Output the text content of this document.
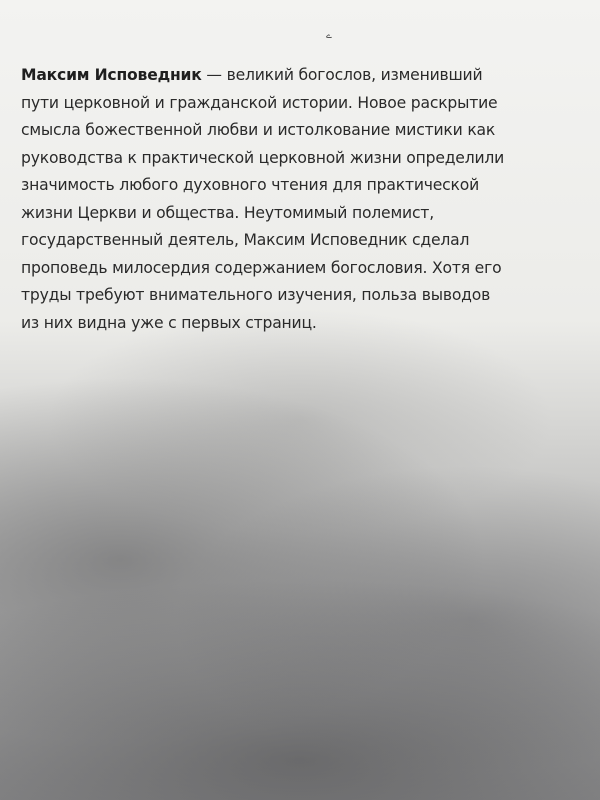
ے

Максим Исповедник — великий богослов, изменивший
пути церковной и гражданской истории. Новое раскрытие
смысла божественной любви и истолкование мистики как
руководства к практической церковной жизни определили
значимость любого духовного чтения для практической
жизни Церкви и общества. Неутомимый полемист,
государственный деятель, Максим Исповедник сделал
проповедь милосердия содержанием богословия. Хотя его
труды требуют внимательного изучения, польза выводов
из них видна уже с первых страниц.
